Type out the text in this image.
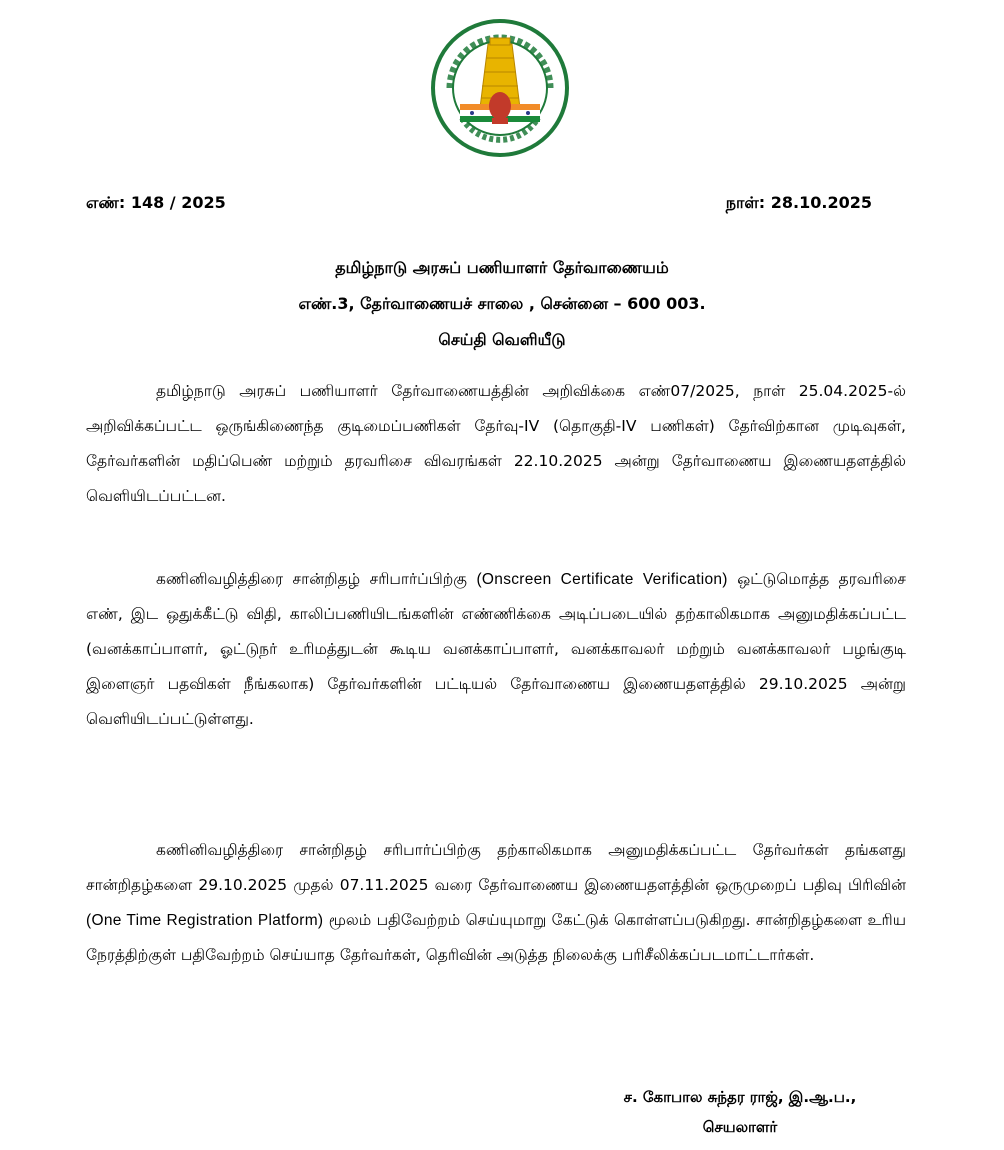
எண்: 148 / 2025	நாள்: 28.10.2025
தமிழ்நாடு அரசுப் பணியாளர் தேர்வாணையம்
எண்.3, தேர்வாணையச் சாலை , சென்னை – 600 003.
செய்தி வெளியீடு

தமிழ்நாடு அரசுப் பணியாளர் தேர்வாணையத்தின் அறிவிக்கை எண்07/2025, நாள் 25.04.2025-ல் அறிவிக்கப்பட்ட ஒருங்கிணைந்த குடிமைப்பணிகள் தேர்வு-IV (தொகுதி-IV பணிகள்) தேர்விற்கான முடிவுகள், தேர்வர்களின் மதிப்பெண் மற்றும் தரவரிசை விவரங்கள் 22.10.2025 அன்று தேர்வாணைய இணையதளத்தில் வெளியிடப்பட்டன.

கணினிவழித்திரை சான்றிதழ் சரிபார்ப்பிற்கு (Onscreen Certificate Verification) ஒட்டுமொத்த தரவரிசை எண், இட ஒதுக்கீட்டு விதி, காலிப்பணியிடங்களின் எண்ணிக்கை அடிப்படையில் தற்காலிகமாக அனுமதிக்கப்பட்ட (வனக்காப்பாளர், ஓட்டுநர் உரிமத்துடன் கூடிய வனக்காப்பாளர், வனக்காவலர் மற்றும் வனக்காவலர் பழங்குடி இளைஞர் பதவிகள் நீங்கலாக) தேர்வர்களின் பட்டியல் தேர்வாணைய இணையதளத்தில் 29.10.2025 அன்று வெளியிடப்பட்டுள்ளது.

கணினிவழித்திரை சான்றிதழ் சரிபார்ப்பிற்கு தற்காலிகமாக அனுமதிக்கப்பட்ட தேர்வர்கள் தங்களது சான்றிதழ்களை 29.10.2025 முதல் 07.11.2025 வரை தேர்வாணைய இணையதளத்தின் ஒருமுறைப் பதிவு பிரிவின் (One Time Registration Platform) மூலம் பதிவேற்றம் செய்யுமாறு கேட்டுக் கொள்ளப்படுகிறது. சான்றிதழ்களை உரிய நேரத்திற்குள் பதிவேற்றம் செய்யாத தேர்வர்கள், தெரிவின் அடுத்த நிலைக்கு பரிசீலிக்கப்படமாட்டார்கள்.

ச. கோபால சுந்தர ராஜ், இ.ஆ.ப.,
செயலாளர்
